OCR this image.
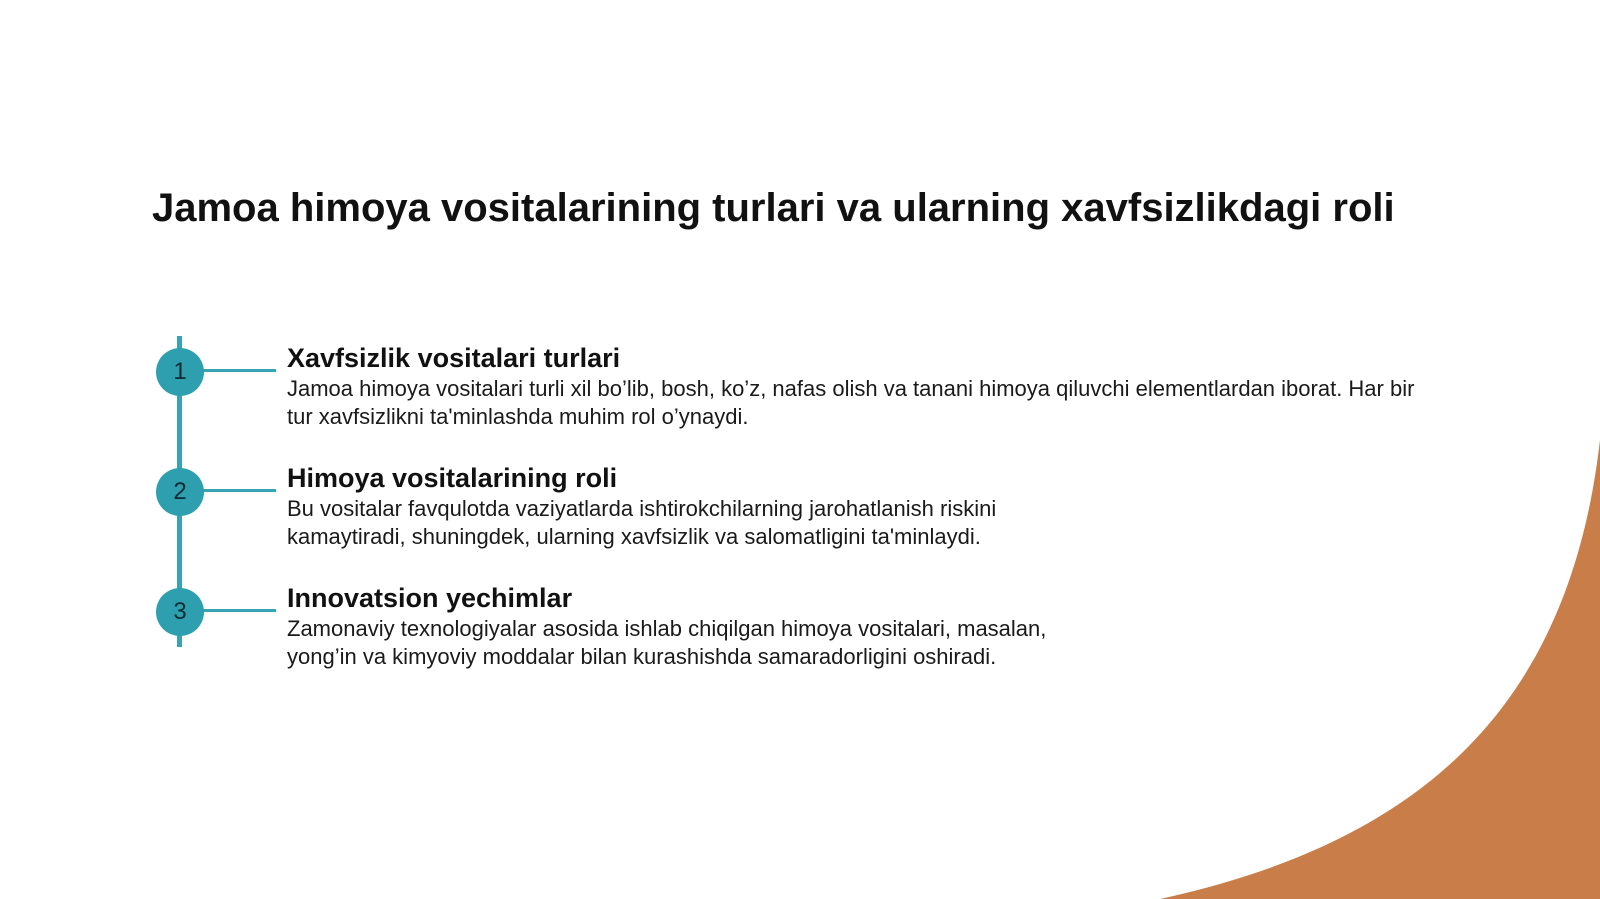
Jamoa himoya vositalarining turlari va ularning xavfsizlikdagi roli
1	Xavfsizlik vositalari turlari

Jamoa himoya vositalari turli xil bo’lib, bosh, ko’z, nafas olish va tanani himoya qiluvchi elementlardan iborat. Har bir tur xavfsizlikni ta'minlashda muhim rol o’ynaydi.

2	Himoya vositalarining roli

Bu vositalar favqulotda vaziyatlarda ishtirokchilarning jarohatlanish riskini kamaytiradi, shuningdek, ularning xavfsizlik va salomatligini ta'minlaydi.

3	Innovatsion yechimlar

Zamonaviy texnologiyalar asosida ishlab chiqilgan himoya vositalari, masalan, yong’in va kimyoviy moddalar bilan kurashishda samaradorligini oshiradi.
